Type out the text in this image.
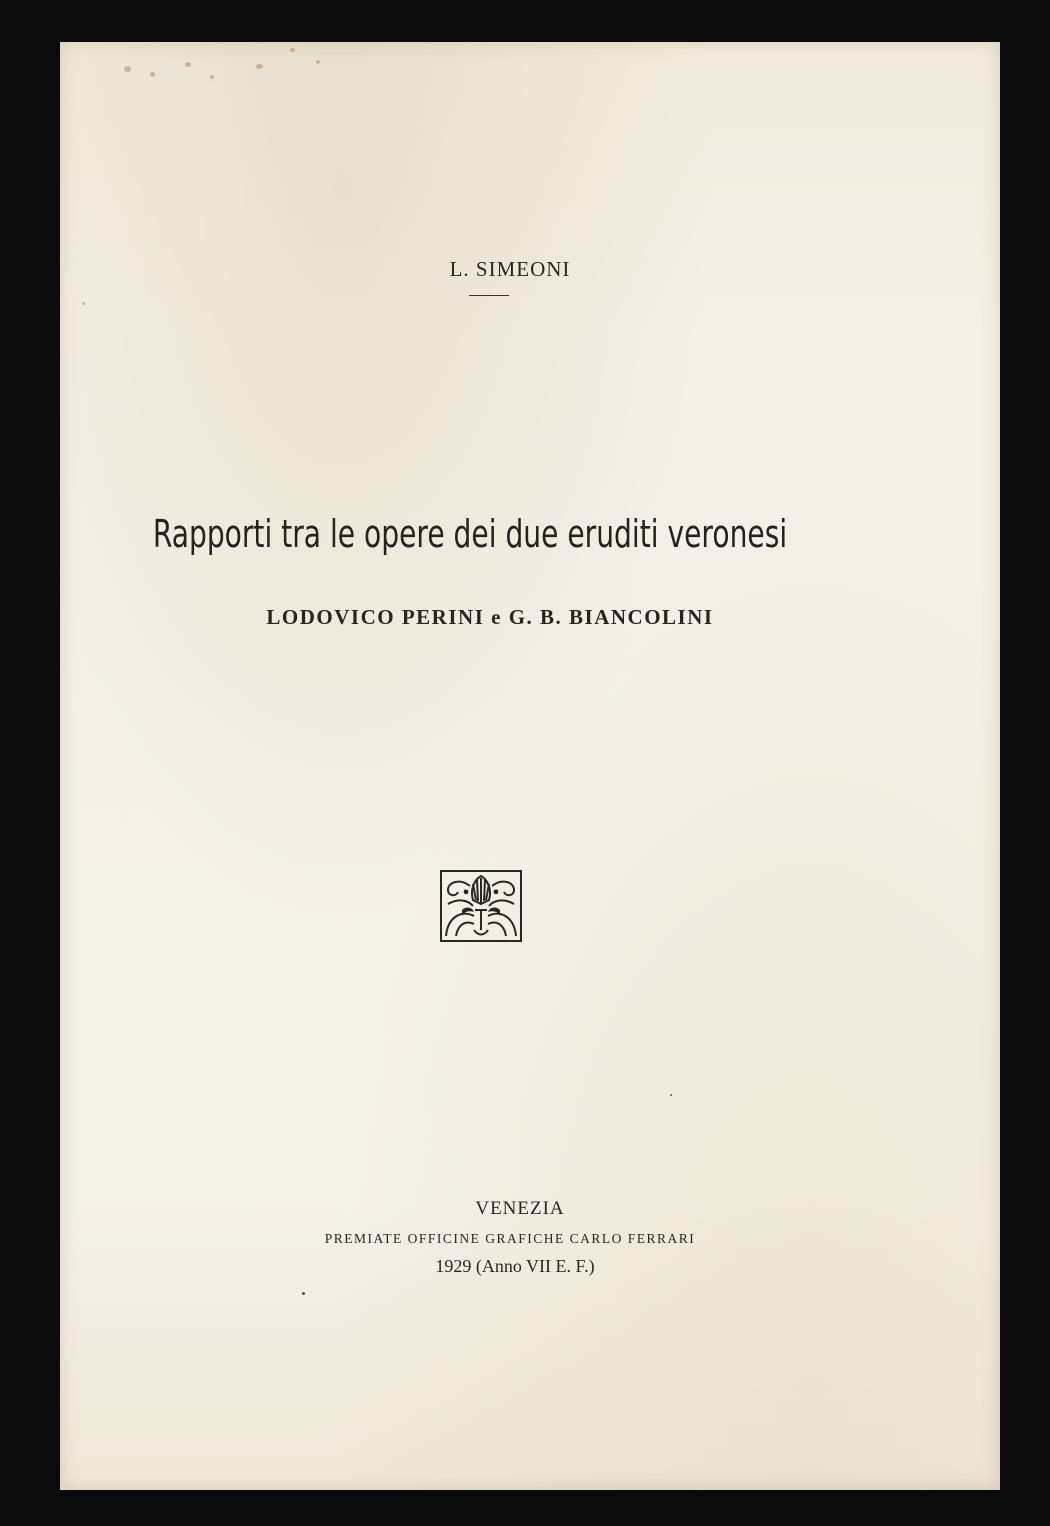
L. SIMEONI

Rapporti tra le opere dei due eruditi veronesi

LODOVICO PERINI e G. B. BIANCOLINI

VENEZIA

PREMIATE OFFICINE GRAFICHE CARLO FERRARI

1929 (Anno VII E. F.)
